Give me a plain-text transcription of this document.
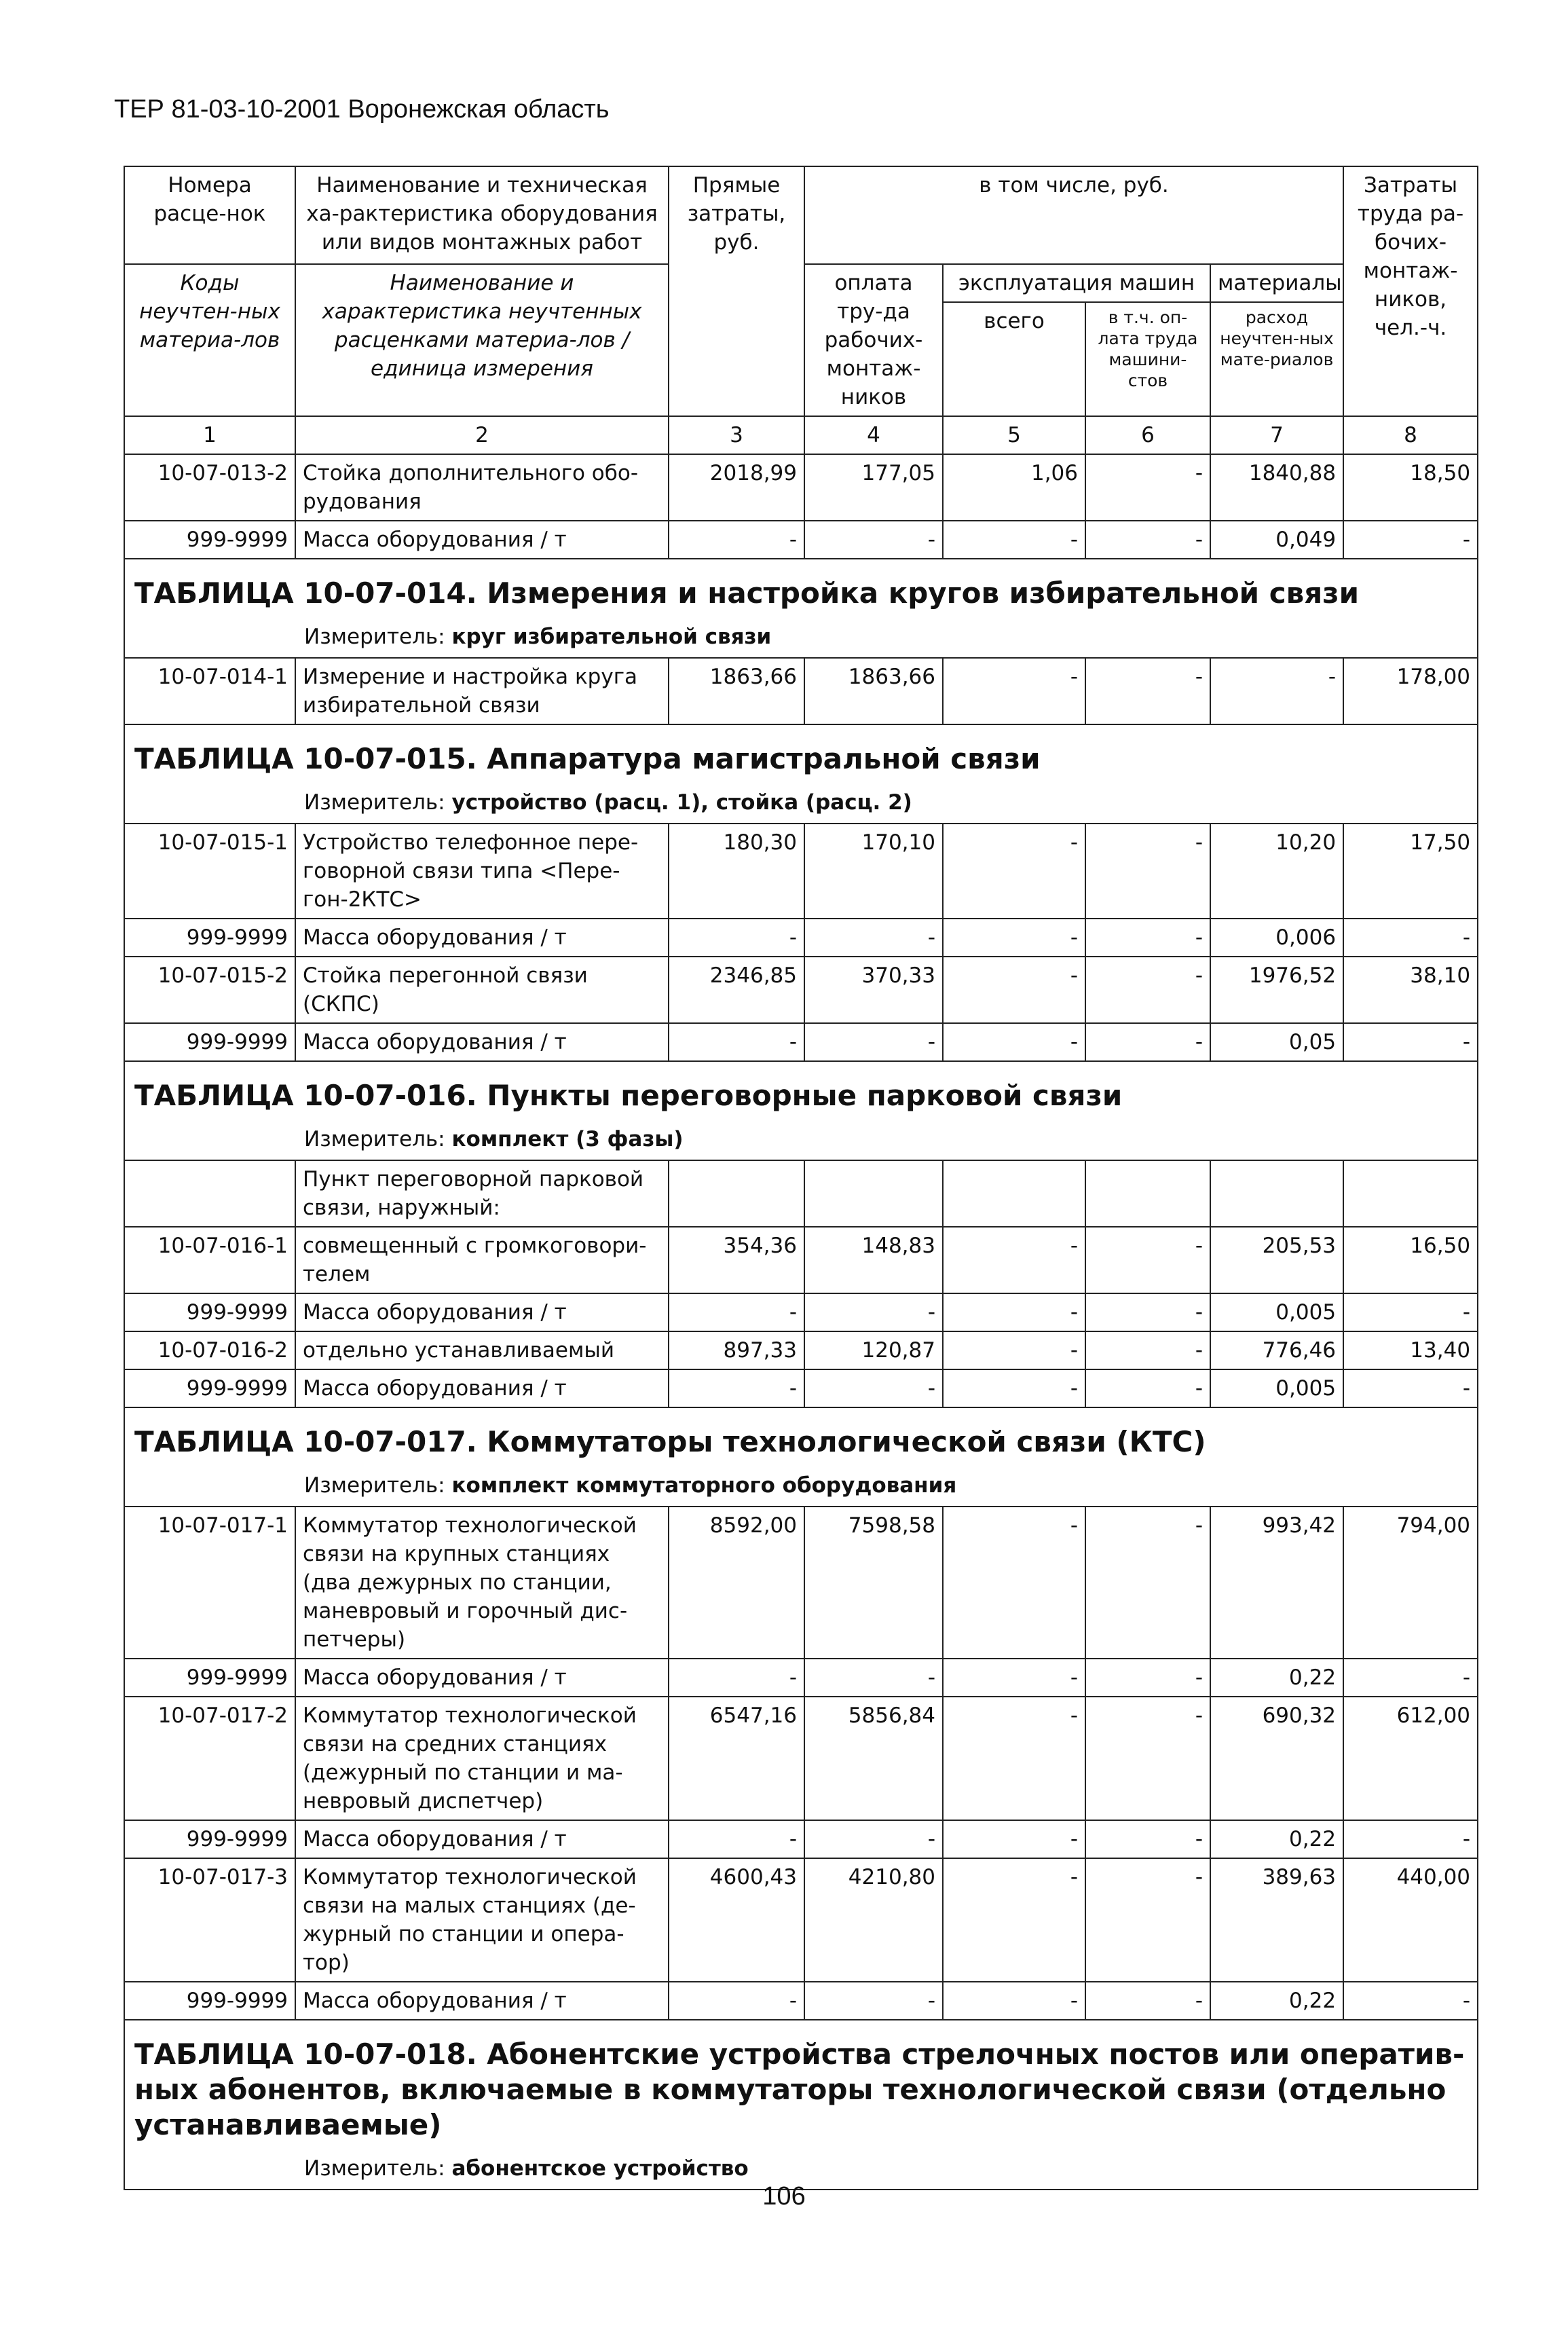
ТЕР 81-03-10-2001 Воронежская область
Номера расце-нок	Наименование и техническая ха-рактеристика оборудования или видов монтажных работ	Прямые затраты, руб.	в том числе, руб.				Затраты труда ра-бочих-монтаж-ников, чел.-ч.
Коды неучтен-ных материа-лов	Наименование и характеристика неучтенных расценками материа-лов / единица измерения		оплата тру-да рабочих-монтаж-ников	эксплуатация машин		материалы	
				всего	в т.ч. оп-лата труда машини-стов	расход неучтен-ных мате-риалов	

1	2	3	4	5	6	7	8
10-07-013-2	Стойка дополнительного обо-рудования	2018,99	177,05	1,06	-	1840,88	18,50
999-9999	Масса оборудования / т	-	-	-	-	0,049	-

ТАБЛИЦА 10-07-014. Измерения и настройка кругов избирательной связи
Измеритель: круг избирательной связи							

10-07-014-1	Измерение и настройка круга избирательной связи	1863,66	1863,66	-	-	-	178,00

ТАБЛИЦА 10-07-015. Аппаратура магистральной связи
Измеритель: устройство (расц. 1), стойка (расц. 2)							

10-07-015-1	Устройство телефонное пере-говорной связи типа <Пере-гон-2КТС>	180,30	170,10	-	-	10,20	17,50
999-9999	Масса оборудования / т	-	-	-	-	0,006	-
10-07-015-2	Стойка перегонной связи (СКПС)	2346,85	370,33	-	-	1976,52	38,10
999-9999	Масса оборудования / т	-	-	-	-	0,05	-

ТАБЛИЦА 10-07-016. Пункты переговорные парковой связи
Измеритель: комплект (3 фазы)							

	Пункт переговорной парковой связи, наружный:						
10-07-016-1	совмещенный с громкоговори-телем	354,36	148,83	-	-	205,53	16,50
999-9999	Масса оборудования / т	-	-	-	-	0,005	-
10-07-016-2	отдельно устанавливаемый	897,33	120,87	-	-	776,46	13,40
999-9999	Масса оборудования / т	-	-	-	-	0,005	-

ТАБЛИЦА 10-07-017. Коммутаторы технологической связи (КТС)
Измеритель: комплект коммутаторного оборудования							

10-07-017-1	Коммутатор технологической связи на крупных станциях (два дежурных по станции, маневровый и горочный дис-петчеры)	8592,00	7598,58	-	-	993,42	794,00
999-9999	Масса оборудования / т	-	-	-	-	0,22	-
10-07-017-2	Коммутатор технологической связи на средних станциях (дежурный по станции и ма-невровый диспетчер)	6547,16	5856,84	-	-	690,32	612,00
999-9999	Масса оборудования / т	-	-	-	-	0,22	-
10-07-017-3	Коммутатор технологической связи на малых станциях (де-журный по станции и опера-тор)	4600,43	4210,80	-	-	389,63	440,00
999-9999	Масса оборудования / т	-	-	-	-	0,22	-

ТАБЛИЦА 10-07-018. Абонентские устройства стрелочных постов или оператив-ных абонентов, включаемые в коммутаторы технологической связи (отдельно устанавливаемые)
Измеритель: абонентское устройство							
106
